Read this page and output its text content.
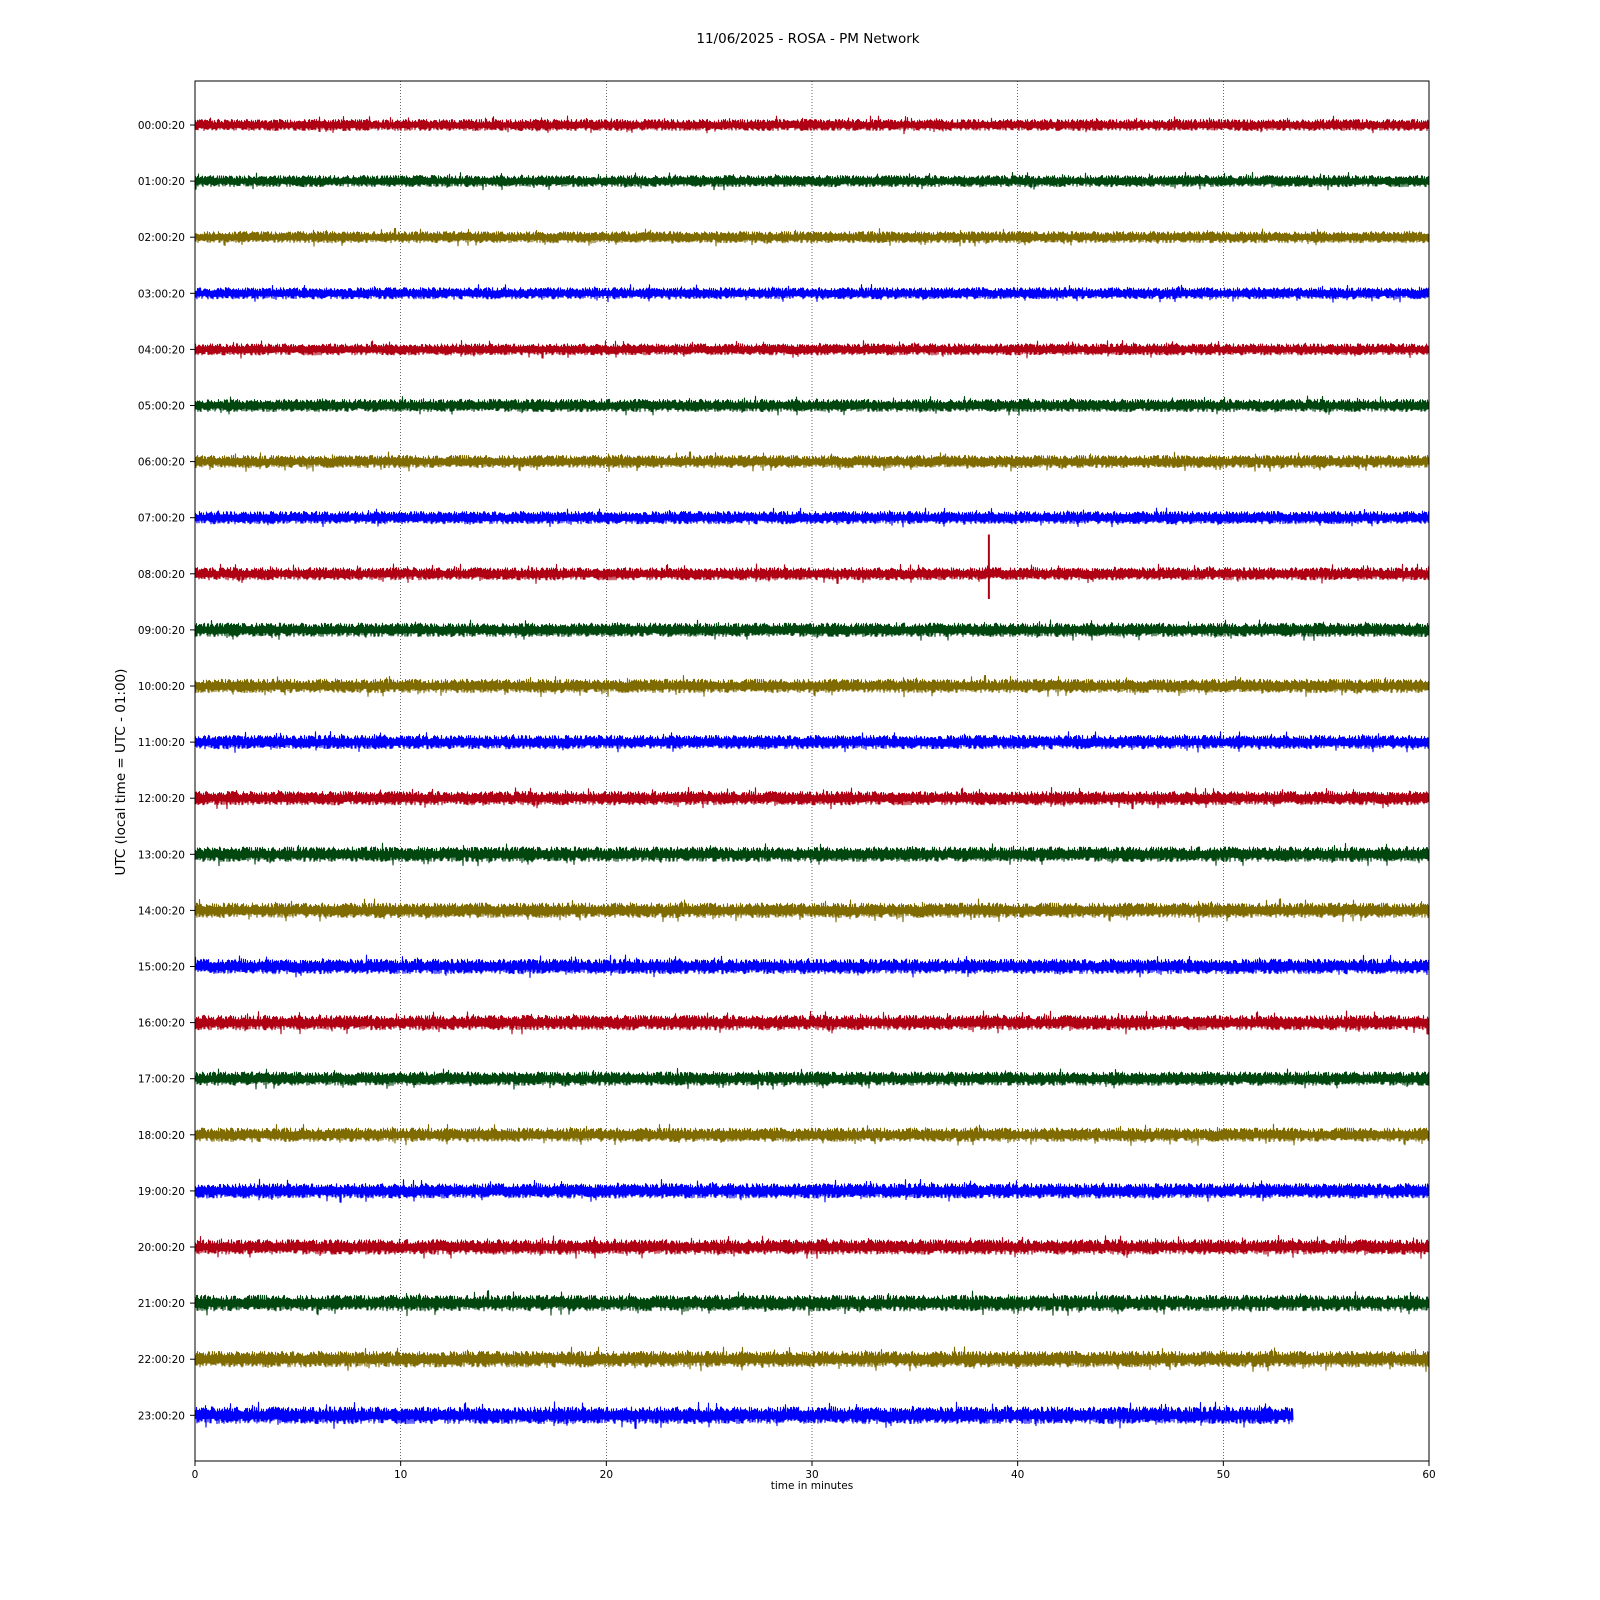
11/06/2025 - ROSA - PM Network
time in minutes
UTC (local time = UTC - 01:00)
0	10	20	30	40	50	60
00:00:20
01:00:20
02:00:20
03:00:20
04:00:20
05:00:20
06:00:20
07:00:20
08:00:20
09:00:20
10:00:20
11:00:20
12:00:20
13:00:20
14:00:20
15:00:20
16:00:20
17:00:20
18:00:20
19:00:20
20:00:20
21:00:20
22:00:20
23:00:20
